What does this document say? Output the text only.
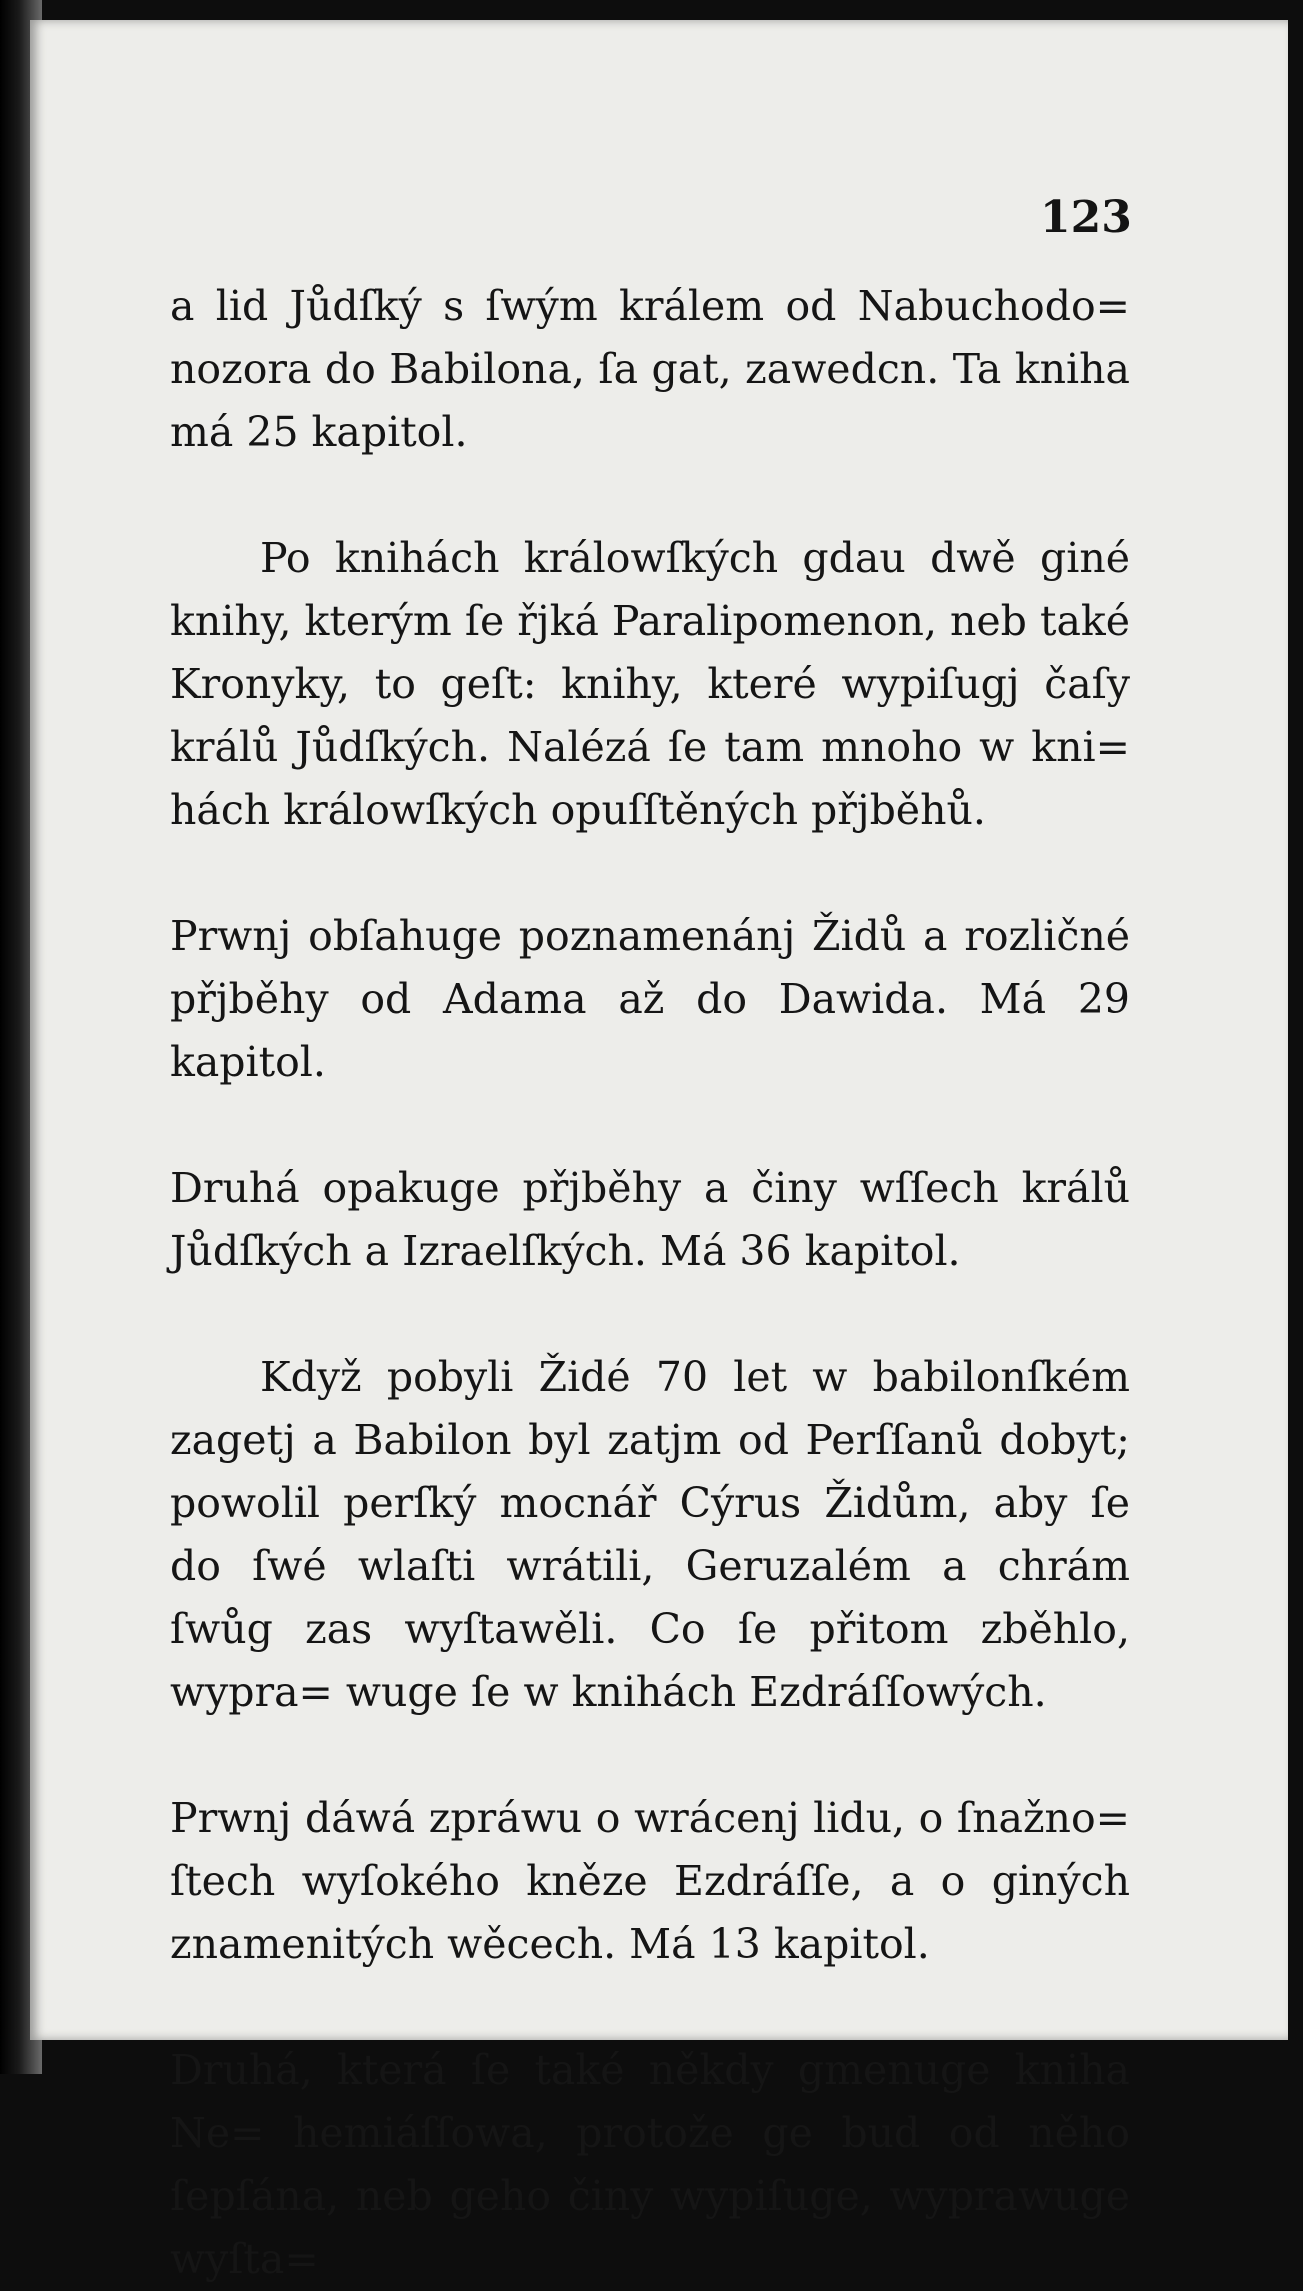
123

a lid Jůdſký s ſwým králem od Nabuchodo= nozora do Babilona, ſa gat, zawedcn. Ta kniha má 25 kapitol.

Po knihách králowſkých gdau dwě giné knihy, kterým ſe řjká Paralipomenon, neb také Kronyky, to geſt: knihy, které wypiſugj čaſy králů Jůdſkých. Nalézá ſe tam mnoho w kni= hách králowſkých opuſſtěných přjběhů.

Prwnj obſahuge poznamenánj Židů a rozličné přjběhy od Adama až do Dawida. Má 29 kapitol.

Druhá opakuge přjběhy a činy wſſech králů Jůdſkých a Izraelſkých. Má 36 kapitol.

Když pobyli Židé 70 let w babilonſkém zagetj a Babilon byl zatjm od Perſſanů dobyt; powolil perſký mocnář Cýrus Židům, aby ſe do ſwé wlaſti wrátili, Geruzalém a chrám ſwůg zas wyſtawěli. Co ſe přitom zběhlo, wypra= wuge ſe w knihách Ezdráſſowých.

Prwnj dáwá zpráwu o wrácenj lidu, o ſnažno= ſtech wyſokého kněze Ezdráſſe, a o giných znamenitých wěcech. Má 13 kapitol.

Druhá, která ſe také někdy gmenuge kniha Ne= hemiáſſowa, protože ge bud od něho ſepſána, neb geho činy wypiſuge, wyprawuge wyſta=
